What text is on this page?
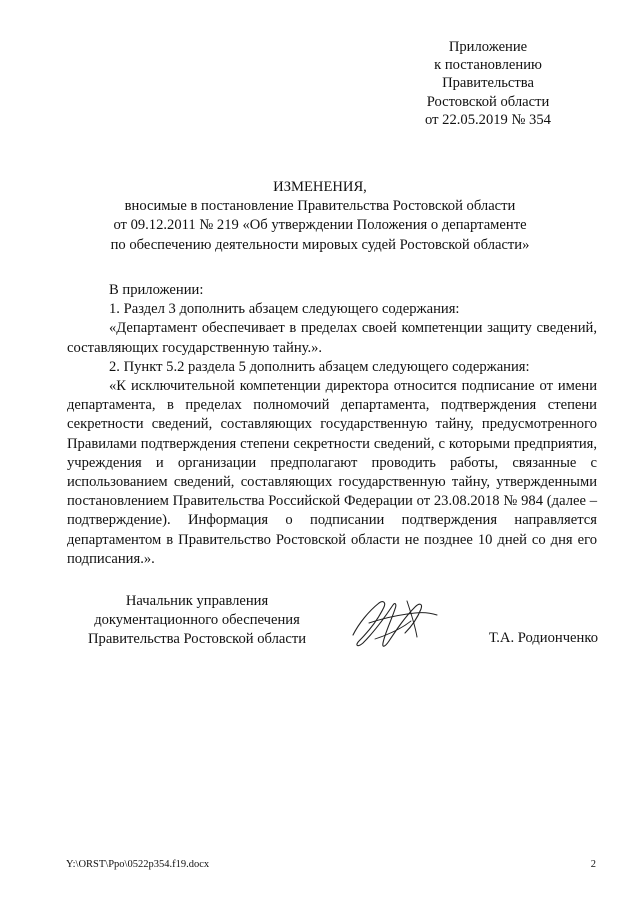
Приложение
к постановлению
Правительства
Ростовской области
от 22.05.2019 № 354
ИЗМЕНЕНИЯ,
вносимые в постановление Правительства Ростовской области
от 09.12.2011 № 219 «Об утверждении Положения о департаменте
по обеспечению деятельности мировых судей Ростовской области»

В приложении:

1. Раздел 3 дополнить абзацем следующего содержания:

«Департамент обеспечивает в пределах своей компетенции защиту сведений, составляющих государственную тайну.».

2. Пункт 5.2 раздела 5 дополнить абзацем следующего содержания:

«К исключительной компетенции директора относится подписание от имени департамента, в пределах полномочий департамента, подтверждения степени секретности сведений, составляющих государственную тайну, предусмотренного Правилами подтверждения степени секретности сведений, с которыми предприятия, учреждения и организации предполагают проводить работы, связанные с использованием сведений, составляющих государственную тайну, утвержденными постановлением Правительства Российской Федерации от 23.08.2018 № 984 (далее – подтверждение). Информация о подписании подтверждения направляется департаментом в Правительство Ростовской области не позднее 10 дней со дня его подписания.».

Начальник управления
документационного обеспечения
Правительства Ростовской области	Т.А. Родионченко
Y:\ORST\Ppo\0522p354.f19.docx	2
